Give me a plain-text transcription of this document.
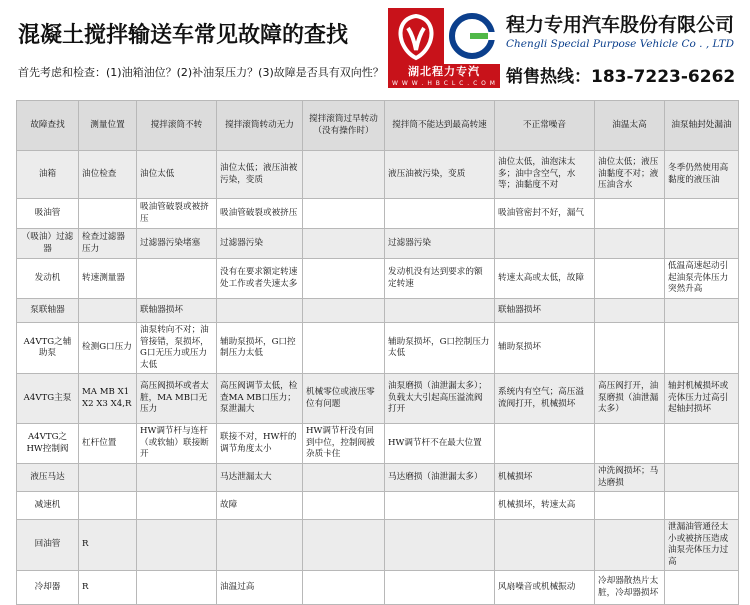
混凝土搅拌输送车常见故障的查找
首先考虑和检查：(1)油箱油位？(2)补油泵压力？(3)故障是否具有双向性？	湖北程力专汽
W W W . H B C L C . C O M
程力专用汽车股份有限公司
Chengli Special Purpose Vehicle Co . , LTD
销售热线：183-7223-6262
故障查找	测量位置	搅拌滚筒不转	搅拌滚筒转动无力	搅拌滚筒过早转动（没有操作时）	搅拌筒不能达到最高转速	不正常噪音	油温太高	油泵轴封处漏油
油箱	油位检查	油位太低	油位太低；液压油被污染，变质		液压油被污染，变质	油位太低，油泡沫太多；油中含空气，水等；油黏度不对	油位太低；液压油黏度不对；液压油含水	冬季仍然使用高黏度的液压油
吸油管		吸油管破裂或被挤压	吸油管破裂或被挤压			吸油管密封不好，漏气		
（吸油）过滤器	检查过滤器压力	过滤器污染堵塞	过滤器污染		过滤器污染			
发动机	转速测量器		没有在要求额定转速处工作或者失速太多		发动机没有达到要求的额定转速	转速太高或太低，故障		低温高速起动引起油泵壳体压力突然升高
泵联轴器		联轴器损坏				联轴器损坏		
A4VTG之辅助泵	检测G口压力	油泵转向不对；油管接错，泵损坏，G口无压力或压力太低	辅助泵损坏，G口控制压力太低		辅助泵损坏，G口控制压力太低	辅助泵损坏		
A4VTG主泵	MA MB X1 X2 X3 X4,R	高压阀损坏或者太脏，MA MB口无压力	高压阀调节太低，检查MA MB口压力；泵泄漏大	机械零位或液压零位有问题	油泵磨损（油泄漏太多）；负载太大引起高压溢流阀打开	系统内有空气；高压溢流阀打开，机械损坏	高压阀打开，油泵磨损（油泄漏太多）	轴封机械损坏或壳体压力过高引起轴封损坏
A4VTG之HW控制阀	杠杆位置	HW调节杆与连杆（或软轴）联接断开	联接不对，HW杆的调节角度太小	HW调节杆没有回到中位，控制阀被杂质卡住	HW调节杆不在最大位置			
液压马达			马达泄漏太大		马达磨损（油泄漏太多）	机械损坏	冲洗阀损坏；马达磨损	
减速机			故障			机械损坏，转速太高		
回油管	R							泄漏油管通径太小或被挤压造成油泵壳体压力过高
冷却器	R		油温过高			风扇噪音或机械振动	冷却器散热片太脏，冷却器损坏	
